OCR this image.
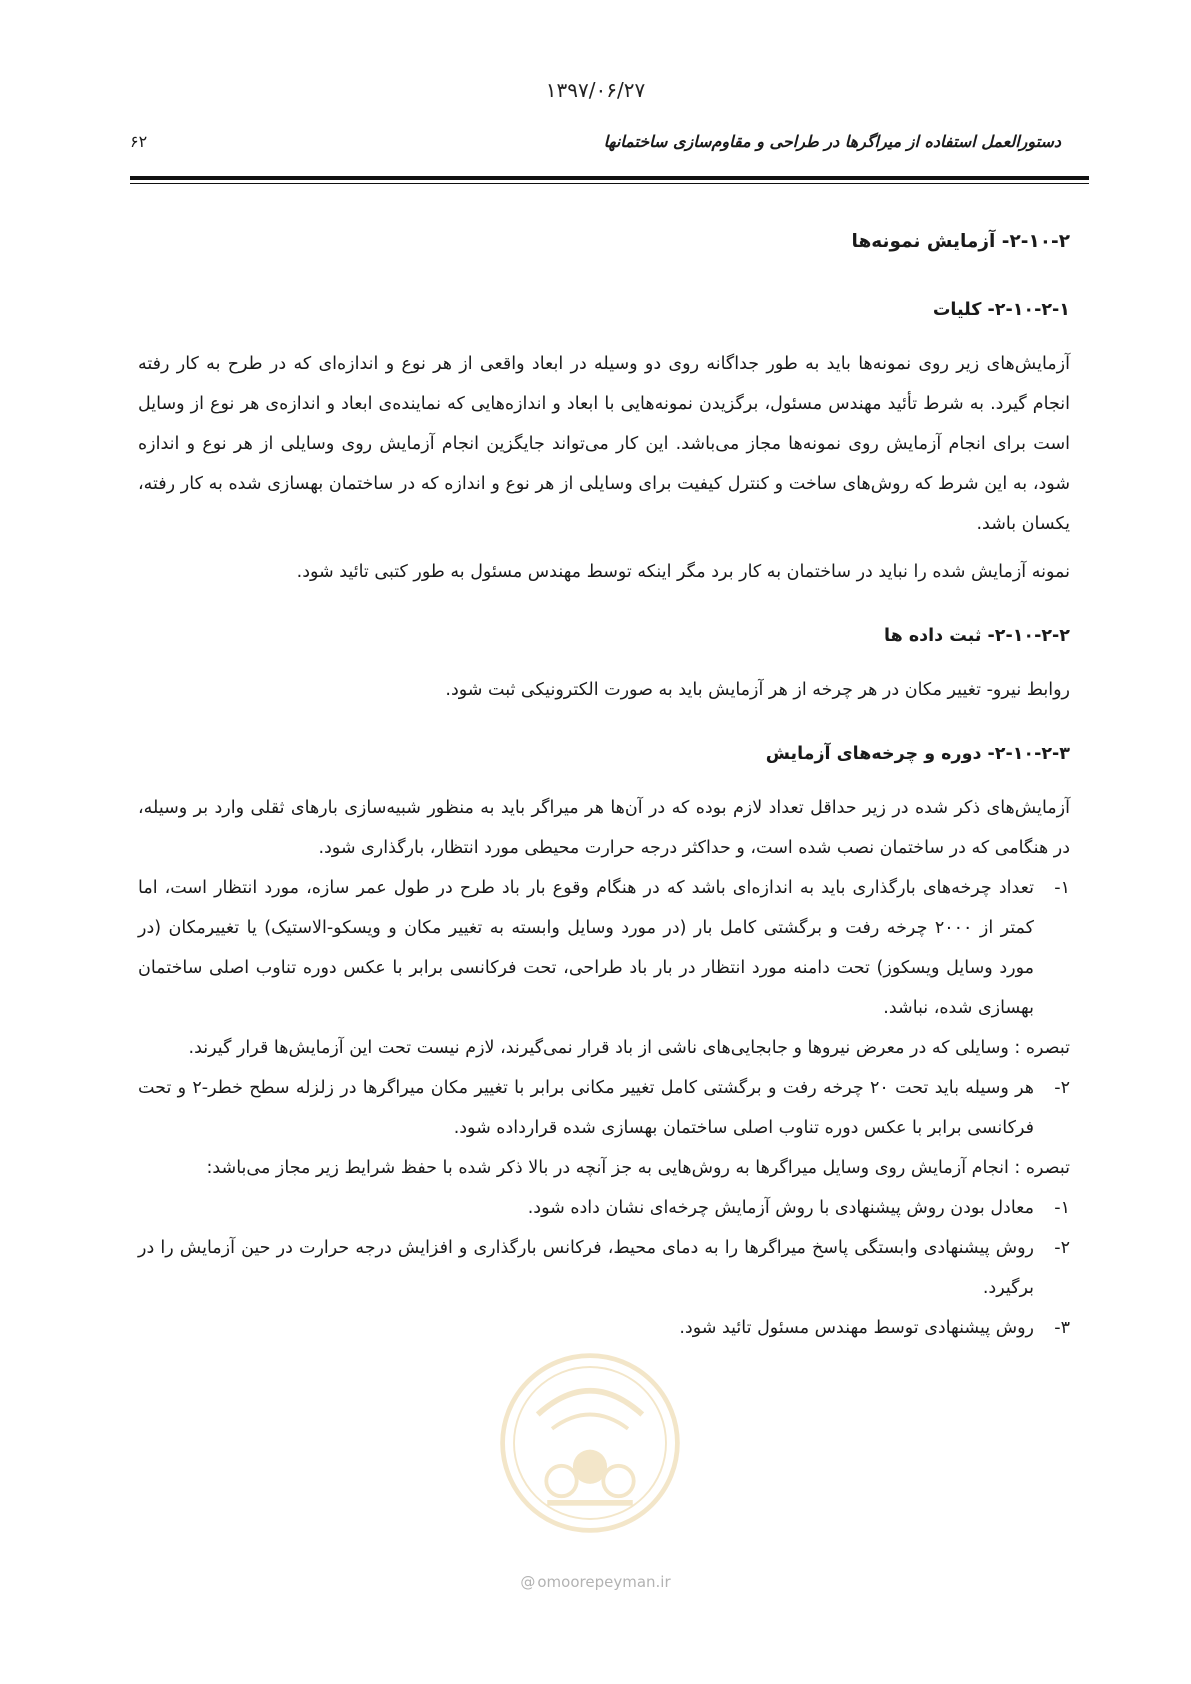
۱۳۹۷/۰۶/۲۷
۶۲	دستورالعمل استفاده از میراگرها در طراحی و مقاوم‌سازی ساختمانها
۲-۱۰-۲- آزمایش نمونه‌ها
۲-۱۰-۲-۱- کلیات

آزمایش‌های زیر روی نمونه‌ها باید به طور جداگانه روی دو وسیله در ابعاد واقعی از هر نوع و اندازه‌ای که در طرح به کار رفته انجام گیرد. به شرط تأئید مهندس مسئول، برگزیدن نمونه‌هایی با ابعاد و اندازه‌هایی که نماینده‌ی ابعاد و اندازه‌ی هر نوع از وسایل است برای انجام آزمایش روی نمونه‌ها مجاز می‌باشد. این کار می‌تواند جایگزین انجام آزمایش روی وسایلی از هر نوع و اندازه شود، به این شرط که روش‌های ساخت و کنترل کیفیت برای وسایلی از هر نوع و اندازه که در ساختمان بهسازی شده به کار رفته، یکسان باشد.

نمونه آزمایش شده را نباید در ساختمان به کار برد مگر اینکه توسط مهندس مسئول به طور کتبی تائید شود.

۲-۱۰-۲-۲- ثبت داده ها

روابط نیرو- تغییر مکان در هر چرخه از هر آزمایش باید به صورت الکترونیکی ثبت شود.

۲-۱۰-۲-۳- دوره و چرخه‌های آزمایش

آزمایش‌های ذکر شده در زیر حداقل تعداد لازم بوده که در آن‌ها هر میراگر باید به منظور شبیه‌سازی بارهای ثقلی وارد بر وسیله، در هنگامی که در ساختمان نصب شده است، و حداکثر درجه حرارت محیطی مورد انتظار، بارگذاری شود.

۱-
تعداد چرخه‌های بارگذاری باید به اندازه‌ای باشد که در هنگام وقوع بار باد طرح در طول عمر سازه، مورد انتظار است، اما کمتر از ۲۰۰۰ چرخه رفت و برگشتی کامل بار (در مورد وسایل وابسته به تغییر مکان و ویسکو-الاستیک) یا تغییرمکان (در مورد وسایل ویسکوز) تحت دامنه مورد انتظار در بار باد طراحی، تحت فرکانسی برابر با عکس دوره تناوب اصلی ساختمان بهسازی شده، نباشد.

تبصره : وسایلی که در معرض نیروها و جابجایی‌های ناشی از باد قرار نمی‌گیرند، لازم نیست تحت این آزمایش‌ها قرار گیرند.

۲-
هر وسیله باید تحت ۲۰ چرخه رفت و برگشتی کامل تغییر مکانی برابر با تغییر مکان میراگرها در زلزله سطح خطر-۲ و تحت فرکانسی برابر با عکس دوره تناوب اصلی ساختمان بهسازی شده قرارداده شود.

تبصره : انجام آزمایش روی وسایل میراگرها به روش‌هایی به جز آنچه در بالا ذکر شده با حفظ شرایط زیر مجاز می‌باشد:

۱-
معادل بودن روش پیشنهادی با روش آزمایش چرخه‌ای نشان داده شود.
۲-
روش پیشنهادی وابستگی پاسخ میراگرها را به دمای محیط، فرکانس بارگذاری و افزایش درجه حرارت در حین آزمایش را در برگیرد.
۳-
روش پیشنهادی توسط مهندس مسئول تائید شود.
@ omoorepeyman.ir
